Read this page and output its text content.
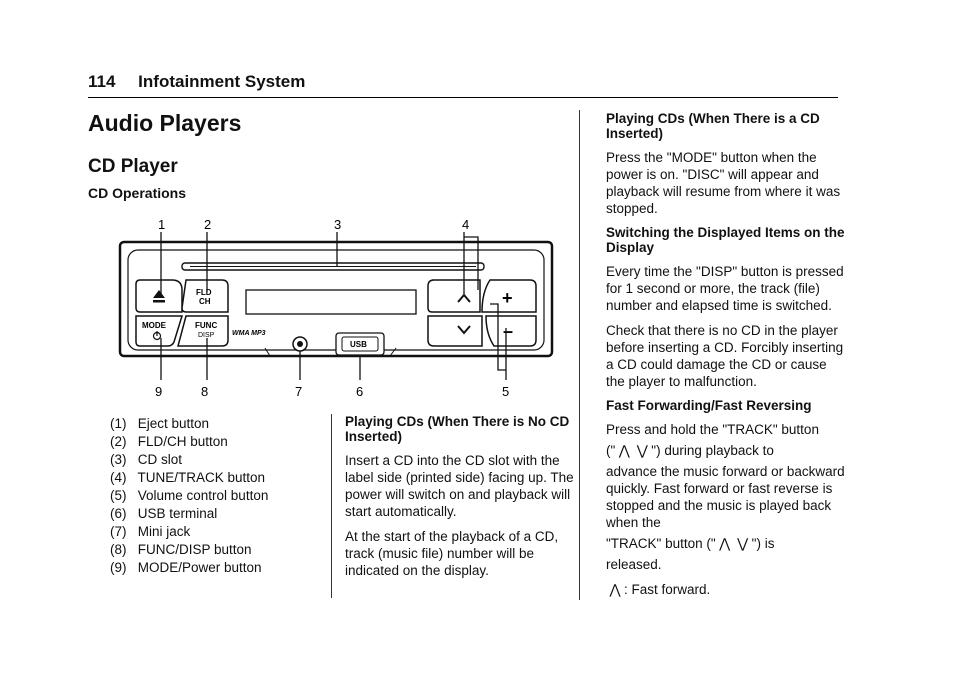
114 Infotainment System
Audio Players
CD Player
CD Operations
1	2	3	4
FLD
CH
MODE	FUNC
DISP	WMA MP3
USB
+
–
9	8	7	6	5
(1)   Eject button
(2)   FLD/CH button
(3)   CD slot
(4)   TUNE/TRACK button
(5)   Volume control button
(6)   USB terminal
(7)   Mini jack
(8)   FUNC/DISP button
(9)   MODE/Power button
Playing CDs (When There is No CD Inserted)

Insert a CD into the CD slot with the label side (printed side) facing up. The power will switch on and playback will start automatically.

At the start of the playback of a CD, track (music file) number will be indicated on the display.

Playing CDs (When There is a CD Inserted)

Press the "MODE" button when the power is on. "DISC" will appear and playback will resume from where it was stopped.

Switching the Displayed Items on the Display

Every time the "DISP" button is pressed for 1 second or more, the track (file) number and elapsed time is switched.

Check that there is no CD in the player before inserting a CD. Forcibly inserting a CD could damage the CD or cause the player to malfunction.

Fast Forwarding/Fast Reversing
Press and hold the "TRACK" button
(" ⋀ ⋁ ") during playback to
advance the music forward or backward quickly. Fast forward or fast reverse is stopped and the music is played back when the
"TRACK" button (" ⋀ ⋁ ") is
released.
⋀ : Fast forward.
